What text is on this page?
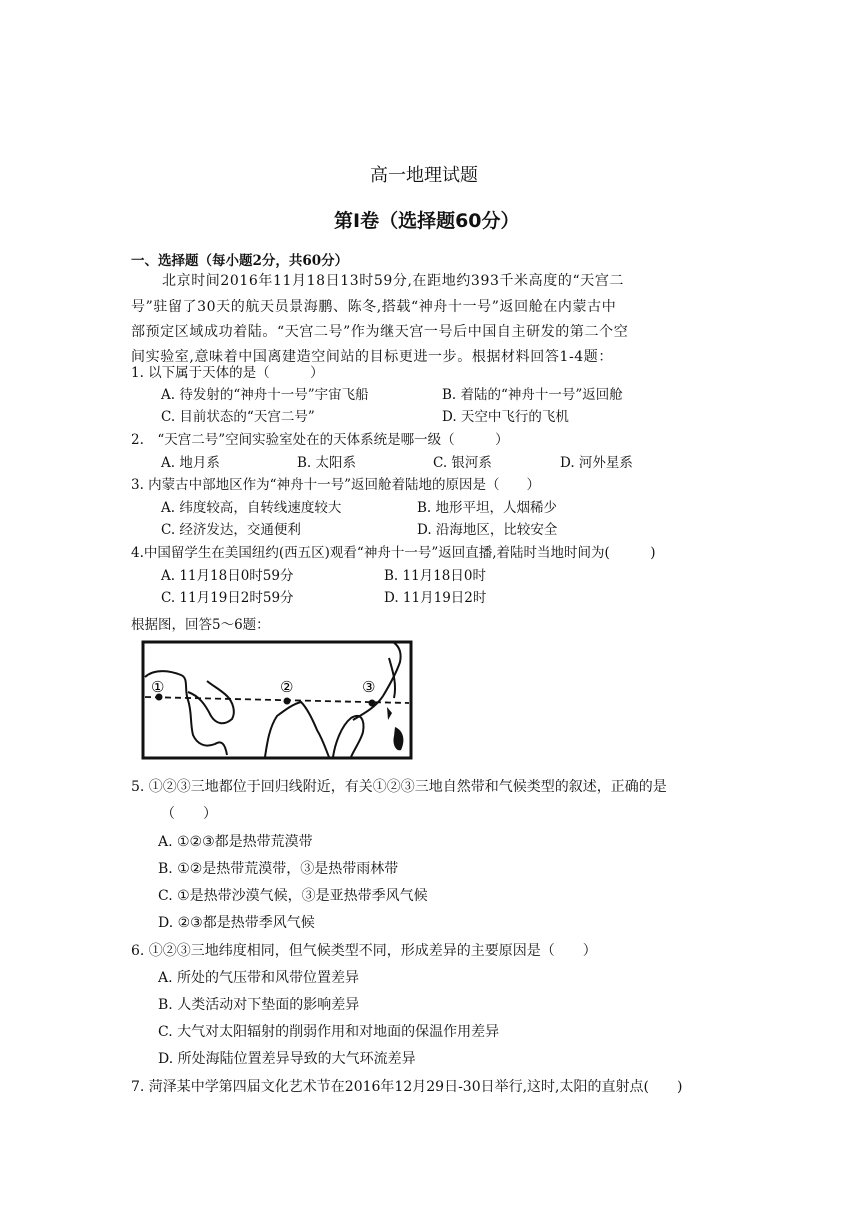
高一地理试题
第Ⅰ卷（选择题60分）
一、选择题（每小题2分，共60分）
北京时间2016年11月18日13时59分,在距地约393千米高度的“天宫二
号”驻留了30天的航天员景海鹏、陈冬,搭载“神舟十一号”返回舱在内蒙古中
部预定区域成功着陆。“天宫二号”作为继天宫一号后中国自主研发的第二个空
间实验室,意味着中国离建造空间站的目标更进一步。根据材料回答1-4题：
1. 以下属于天体的是（　　　）
A. 待发射的“神舟十一号”宇宙飞船	B. 着陆的“神舟十一号”返回舱
C. 目前状态的“天宫二号”	D. 天空中飞行的飞机
2.　“天宫二号”空间实验室处在的天体系统是哪一级（　　　）
A. 地月系	B. 太阳系	C. 银河系	D. 河外星系
3. 内蒙古中部地区作为“神舟十一号”返回舱着陆地的原因是（　　）
A. 纬度较高，自转线速度较大	B. 地形平坦，人烟稀少
C. 经济发达，交通便利	D. 沿海地区，比较安全
4.中国留学生在美国纽约(西五区)观看“神舟十一号”返回直播,着陆时当地时间为(　　　)
A. 11月18日0时59分	B. 11月18日0时
C. 11月19日2时59分	D. 11月19日2时
根据图，回答5～6题：
①	②	③
5. ①②③三地都位于回归线附近，有关①②③三地自然带和气候类型的叙述，正确的是
（　　）
A. ①②③都是热带荒漠带
B. ①②是热带荒漠带，③是热带雨林带
C. ①是热带沙漠气候，③是亚热带季风气候
D. ②③都是热带季风气候
6. ①②③三地纬度相同，但气候类型不同，形成差异的主要原因是（　　）
A. 所处的气压带和风带位置差异
B. 人类活动对下垫面的影响差异
C. 大气对太阳辐射的削弱作用和对地面的保温作用差异
D. 所处海陆位置差异导致的大气环流差异
7. 菏泽某中学第四届文化艺术节在2016年12月29日-30日举行,这时,太阳的直射点(　　)
